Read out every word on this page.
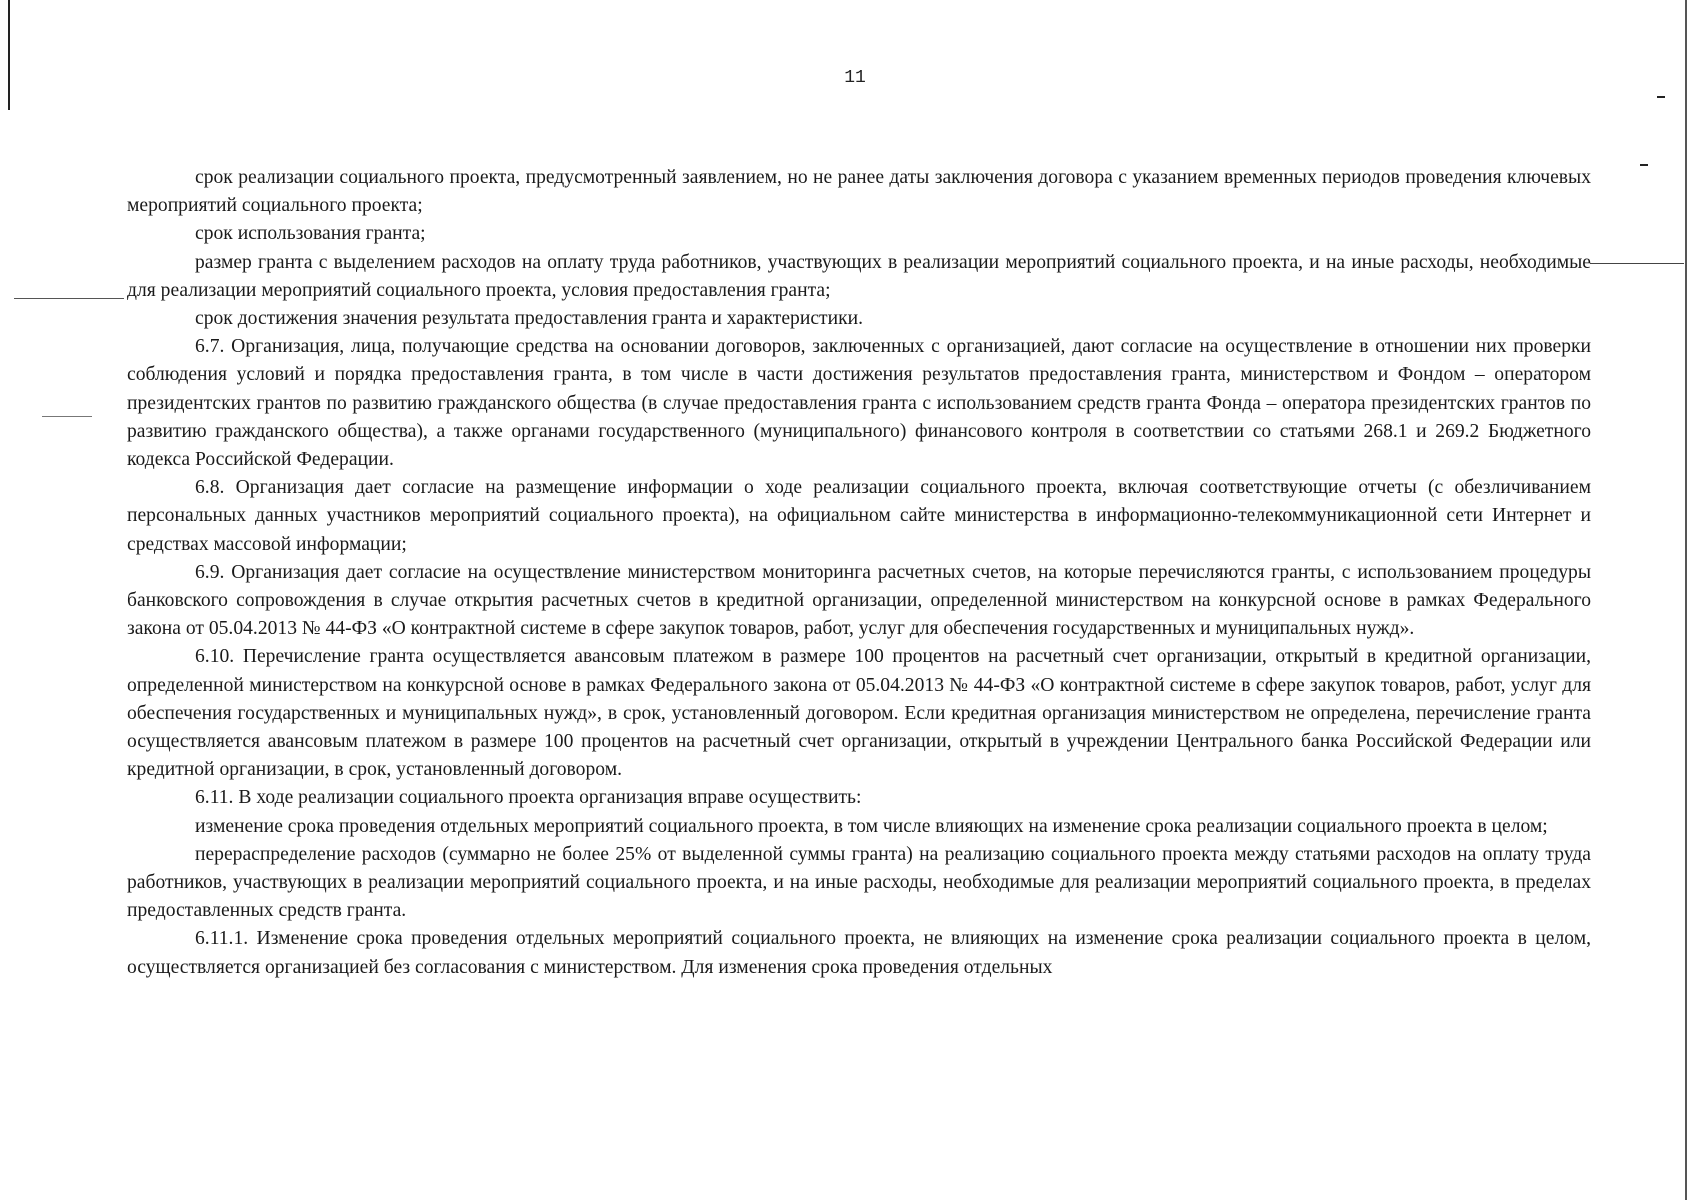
11

срок реализации социального проекта, предусмотренный заявлением, но не ранее даты заключения договора с указанием временных периодов проведения ключевых мероприятий социального проекта;

срок использования гранта;

размер гранта с выделением расходов на оплату труда работников, участвующих в реализации мероприятий социального проекта, и на иные расходы, необходимые для реализации мероприятий социального проекта, условия предоставления гранта;

срок достижения значения результата предоставления гранта и характеристики.

6.7. Организация, лица, получающие средства на основании договоров, заключенных с организацией, дают согласие на осуществление в отношении них проверки соблюдения условий и порядка предоставления гранта, в том числе в части достижения результатов предоставления гранта, министерством и Фондом – оператором президентских грантов по развитию гражданского общества (в случае предоставления гранта с использованием средств гранта Фонда – оператора президентских грантов по развитию гражданского общества), а также органами государственного (муниципального) финансового контроля в соответствии со статьями 268.1 и 269.2 Бюджетного кодекса Российской Федерации.

6.8. Организация дает согласие на размещение информации о ходе реализации социального проекта, включая соответствующие отчеты (с обезличиванием персональных данных участников мероприятий социального проекта), на официальном сайте министерства в информационно-телекоммуникационной сети Интернет и средствах массовой информации;

6.9. Организация дает согласие на осуществление министерством мониторинга расчетных счетов, на которые перечисляются гранты, с использованием процедуры банковского сопровождения в случае открытия расчетных счетов в кредитной организации, определенной министерством на конкурсной основе в рамках Федерального закона от 05.04.2013 № 44-ФЗ «О контрактной системе в сфере закупок товаров, работ, услуг для обеспечения государственных и муниципальных нужд».

6.10. Перечисление гранта осуществляется авансовым платежом в размере 100 процентов на расчетный счет организации, открытый в кредитной организации, определенной министерством на конкурсной основе в рамках Федерального закона от 05.04.2013 № 44-ФЗ «О контрактной системе в сфере закупок товаров, работ, услуг для обеспечения государственных и муниципальных нужд», в срок, установленный договором. Если кредитная организация министерством не определена, перечисление гранта осуществляется авансовым платежом в размере 100 процентов на расчетный счет организации, открытый в учреждении Центрального банка Российской Федерации или кредитной организации, в срок, установленный договором.

6.11. В ходе реализации социального проекта организация вправе осуществить:

изменение срока проведения отдельных мероприятий социального проекта, в том числе влияющих на изменение срока реализации социального проекта в целом;

перераспределение расходов (суммарно не более 25% от выделенной суммы гранта) на реализацию социального проекта между статьями расходов на оплату труда работников, участвующих в реализации мероприятий социального проекта, и на иные расходы, необходимые для реализации мероприятий социального проекта, в пределах предоставленных средств гранта.

6.11.1. Изменение срока проведения отдельных мероприятий социального проекта, не влияющих на изменение срока реализации социального проекта в целом, осуществляется организацией без согласования с министерством. Для изменения срока проведения отдельных
